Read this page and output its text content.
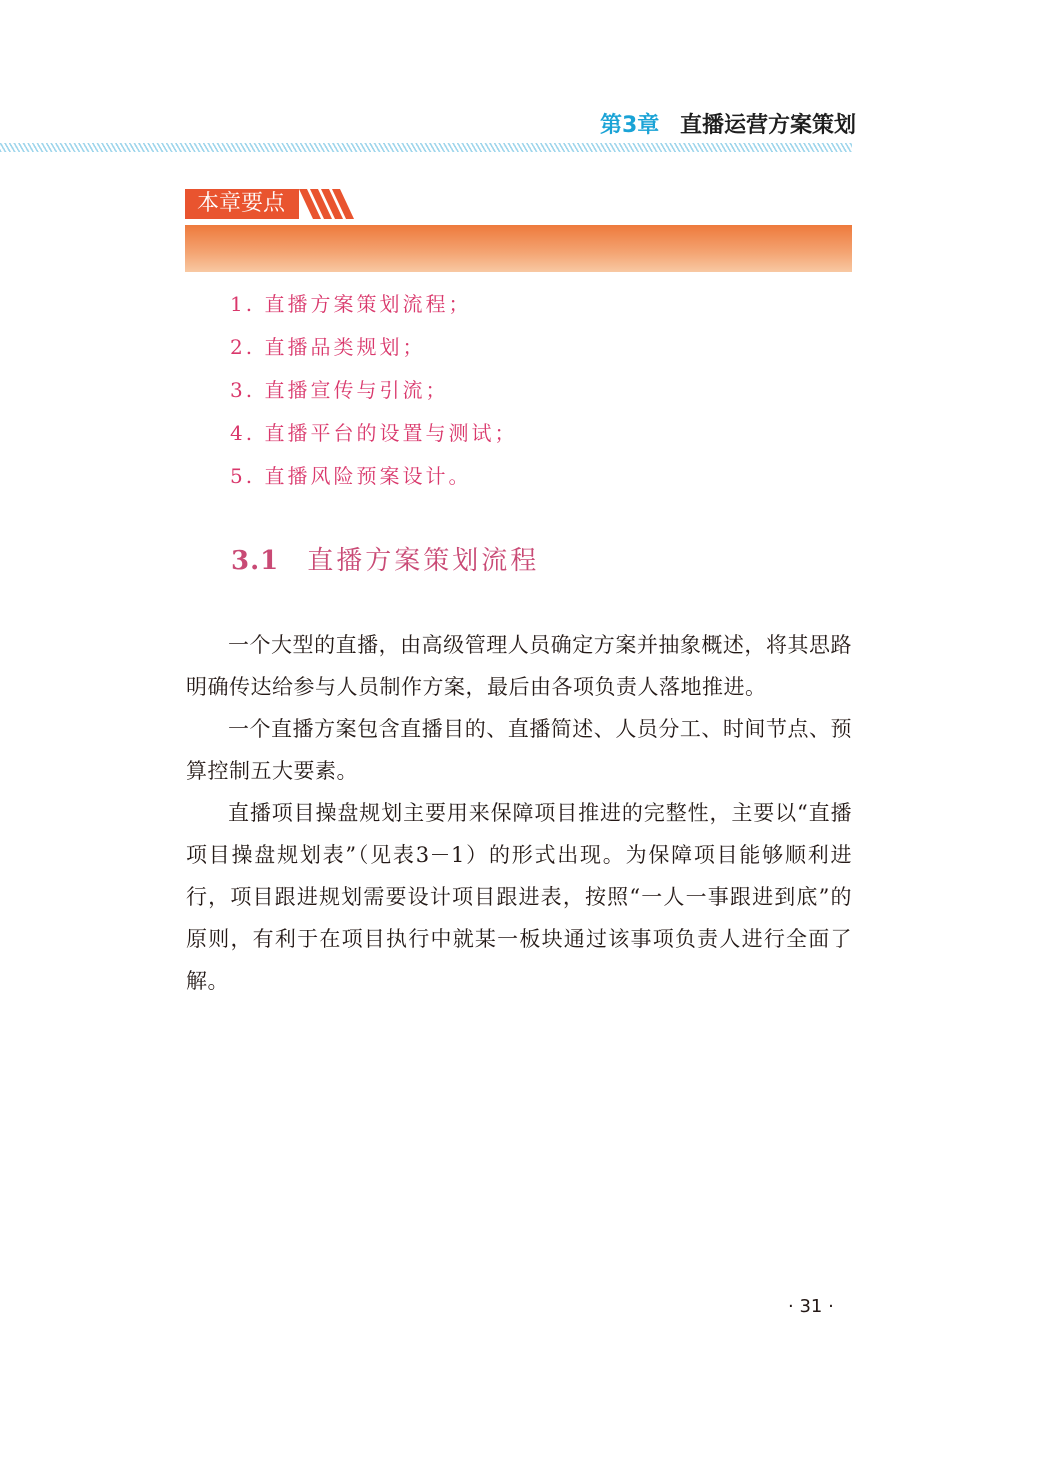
第3章 直播运营方案策划
本章要点
1. 直播方案策划流程；
2. 直播品类规划；
3. 直播宣传与引流；
4. 直播平台的设置与测试；
5. 直播风险预案设计。
3.1 直播方案策划流程

一个大型的直播，由高级管理人员确定方案并抽象概述，将其思路明确传达给参与人员制作方案，最后由各项负责人落地推进。

一个直播方案包含直播目的、直播简述、人员分工、时间节点、预算控制五大要素。

直播项目操盘规划主要用来保障项目推进的完整性，主要以“直播项目操盘规划表”（见表3－1）的形式出现。为保障项目能够顺利进行，项目跟进规划需要设计项目跟进表，按照“一人一事跟进到底”的原则，有利于在项目执行中就某一板块通过该事项负责人进行全面了解。

· 31 ·
